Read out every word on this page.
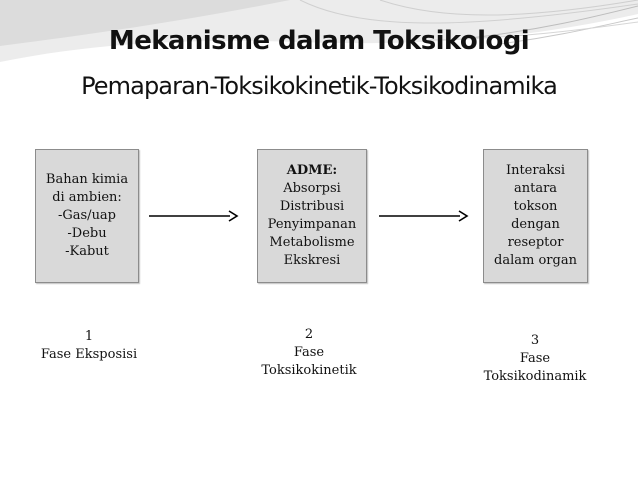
Mekanisme dalam Toksikologi
Pemaparan-Toksikokinetik-Toksikodinamika
Bahan kimia
di ambien:
-Gas/uap
-Debu
-Kabut
ADME:
Absorpsi
Distribusi
Penyimpanan
Metabolisme
Ekskresi
Interaksi
antara
tokson
dengan
reseptor
dalam organ
1
Fase Eksposisi
2
Fase
Toksikokinetik
3
Fase
Toksikodinamik
